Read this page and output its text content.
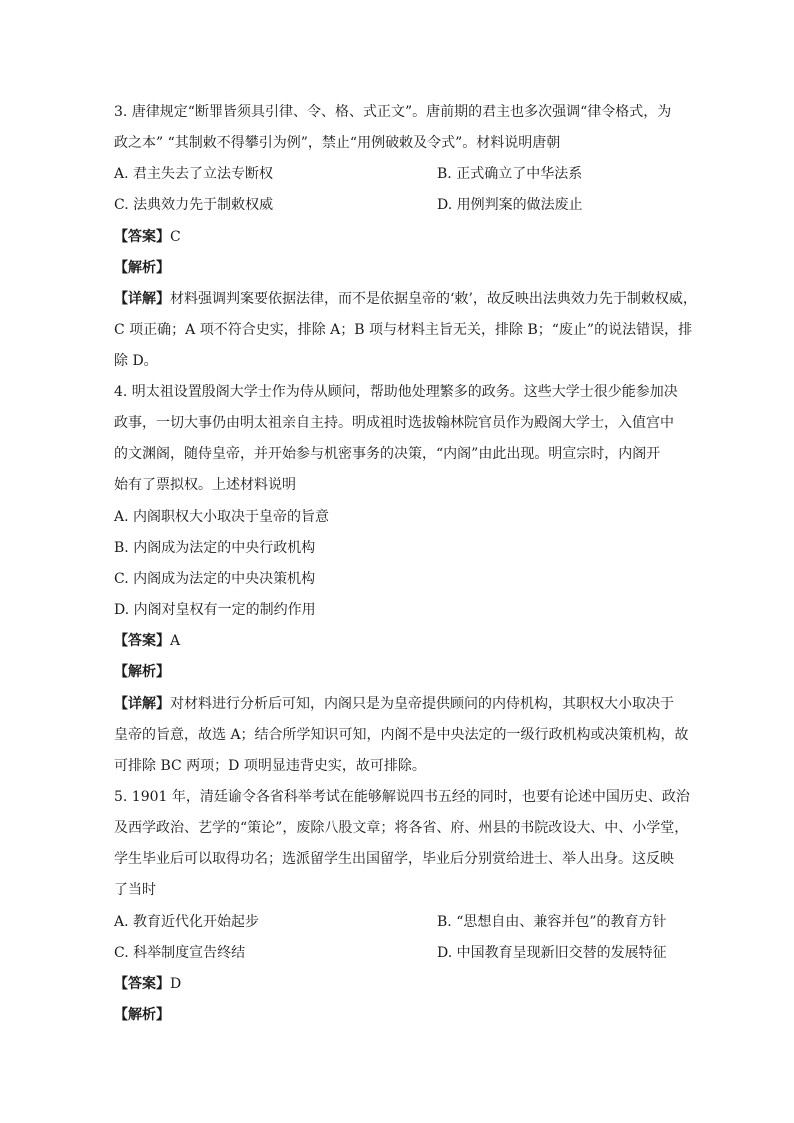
3. 唐律规定“断罪皆须具引律、令、格、式正文”。唐前期的君主也多次强调“律令格式，为
政之本” “其制敕不得攀引为例”，禁止“用例破敕及令式”。材料说明唐朝
A. 君主失去了立法专断权	B. 正式确立了中华法系
C. 法典效力先于制敕权威	D. 用例判案的做法废止
【答案】C
【解析】
【详解】材料强调判案要依据法律，而不是依据皇帝的‘敕’，故反映出法典效力先于制敕权威，
C 项正确；A 项不符合史实，排除 A；B 项与材料主旨无关，排除 B；“废止”的说法错误，排
除 D。
4. 明太祖设置殷阁大学士作为侍从顾问，帮助他处理繁多的政务。这些大学士很少能参加决
政事，一切大事仍由明太祖亲自主持。明成祖时选拔翰林院官员作为殿阁大学士，入值宫中
的文渊阁，随侍皇帝，并开始参与机密事务的决策，“内阁”由此出现。明宣宗时，内阁开
始有了票拟权。上述材料说明
A. 内阁职权大小取决于皇帝的旨意
B. 内阁成为法定的中央行政机构
C. 内阁成为法定的中央决策机构
D. 内阁对皇权有一定的制约作用
【答案】A
【解析】
【详解】对材料进行分析后可知，内阁只是为皇帝提供顾问的内侍机构，其职权大小取决于
皇帝的旨意，故选 A；结合所学知识可知，内阁不是中央法定的一级行政机构或决策机构，故
可排除 BC 两项；D 项明显违背史实，故可排除。
5. 1901 年，清廷谕令各省科举考试在能够解说四书五经的同时，也要有论述中国历史、政治
及西学政治、艺学的“策论”，废除八股文章；将各省、府、州县的书院改设大、中、小学堂，
学生毕业后可以取得功名；选派留学生出国留学，毕业后分别赏给进士、举人出身。这反映
了当时
A. 教育近代化开始起步	B. “思想自由、兼容并包”的教育方针
C. 科举制度宣告终结	D. 中国教育呈现新旧交替的发展特征
【答案】D
【解析】
